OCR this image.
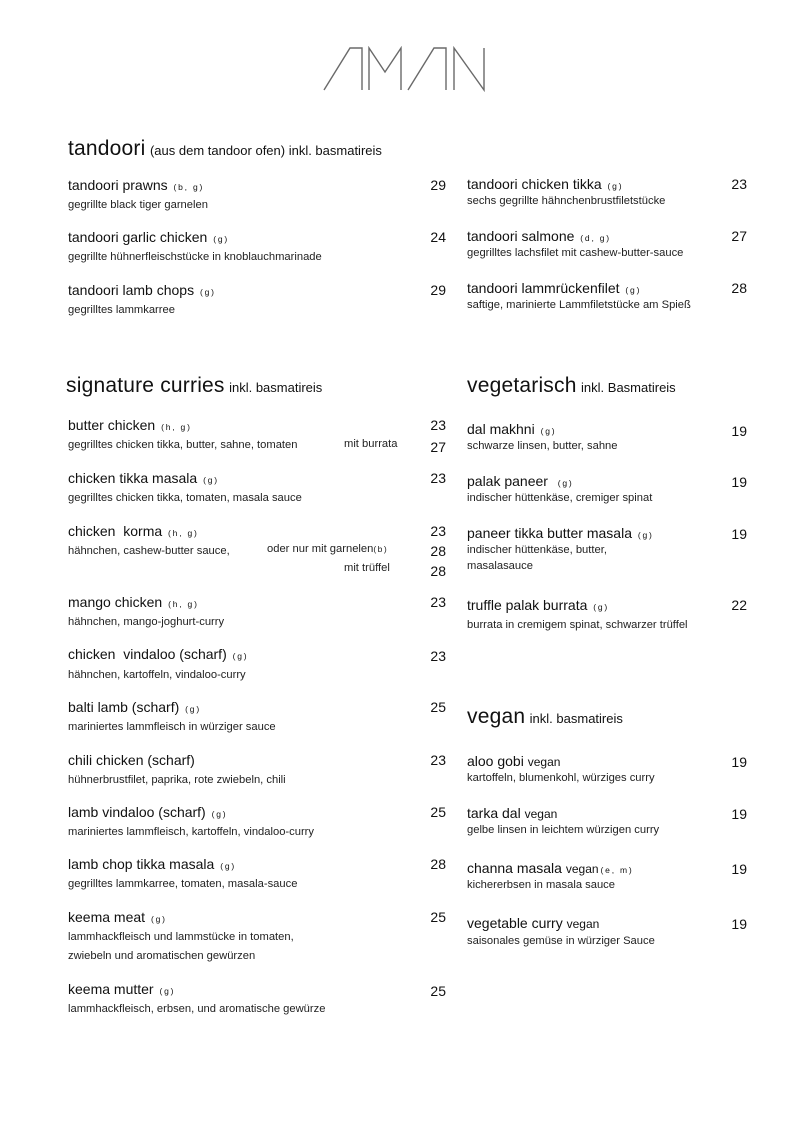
tandoori (aus dem tandoor ofen) inkl. basmatireis
tandoori prawns (b, g)
gegrillte black tiger garnelen
29
tandoori garlic chicken (g)
gegrillte hühnerfleischstücke in knoblauchmarinade
24
tandoori lamb chops (g)
gegrilltes lammkarree
29
tandoori chicken tikka (g)
sechs gegrillte hähnchenbrustfiletstücke
23
tandoori salmone (d, g)
gegrilltes lachsfilet mit cashew-butter-sauce
27
tandoori lammrückenfilet (g)
saftige, marinierte Lammfiletstücke am Spieß
28
signature curries inkl. basmatireis
butter chicken (h, g)
gegrilltes chicken tikka, butter, sahne, tomaten
23
mit burrata	27
chicken tikka masala (g)
gegrilltes chicken tikka, tomaten, masala sauce
23
chicken  korma (h, g)
hähnchen, cashew-butter sauce,
23
oder nur mit garnelen(b)	28
mit trüffel	28
mango chicken (h, g)
hähnchen, mango-joghurt-curry
23
chicken  vindaloo (scharf) (g)
hähnchen, kartoffeln, vindaloo-curry
23
balti lamb (scharf) (g)
mariniertes lammfleisch in würziger sauce
25
chili chicken (scharf)
hühnerbrustfilet, paprika, rote zwiebeln, chili
23
lamb vindaloo (scharf) (g)
mariniertes lammfleisch, kartoffeln, vindaloo-curry
25
lamb chop tikka masala (g)
gegrilltes lammkarree, tomaten, masala-sauce
28
keema meat (g)
lammhackfleisch und lammstücke in tomaten,
zwiebeln und aromatischen gewürzen
25
keema mutter (g)
lammhackfleisch, erbsen, und aromatische gewürze
25
vegetarisch inkl. Basmatireis
dal makhni (g)
schwarze linsen, butter, sahne
19
palak paneer  (g)
indischer hüttenkäse, cremiger spinat
19
paneer tikka butter masala (g)
indischer hüttenkäse, butter,
masalasauce
19
truffle palak burrata (g)
burrata in cremigem spinat, schwarzer trüffel
22
vegan inkl. basmatireis
aloo gobi vegan
kartoffeln, blumenkohl, würziges curry
19
tarka dal vegan
gelbe linsen in leichtem würzigen curry
19
channa masala vegan (e, m)
kichererbsen in masala sauce
19
vegetable curry vegan
saisonales gemüse in würziger Sauce
19
